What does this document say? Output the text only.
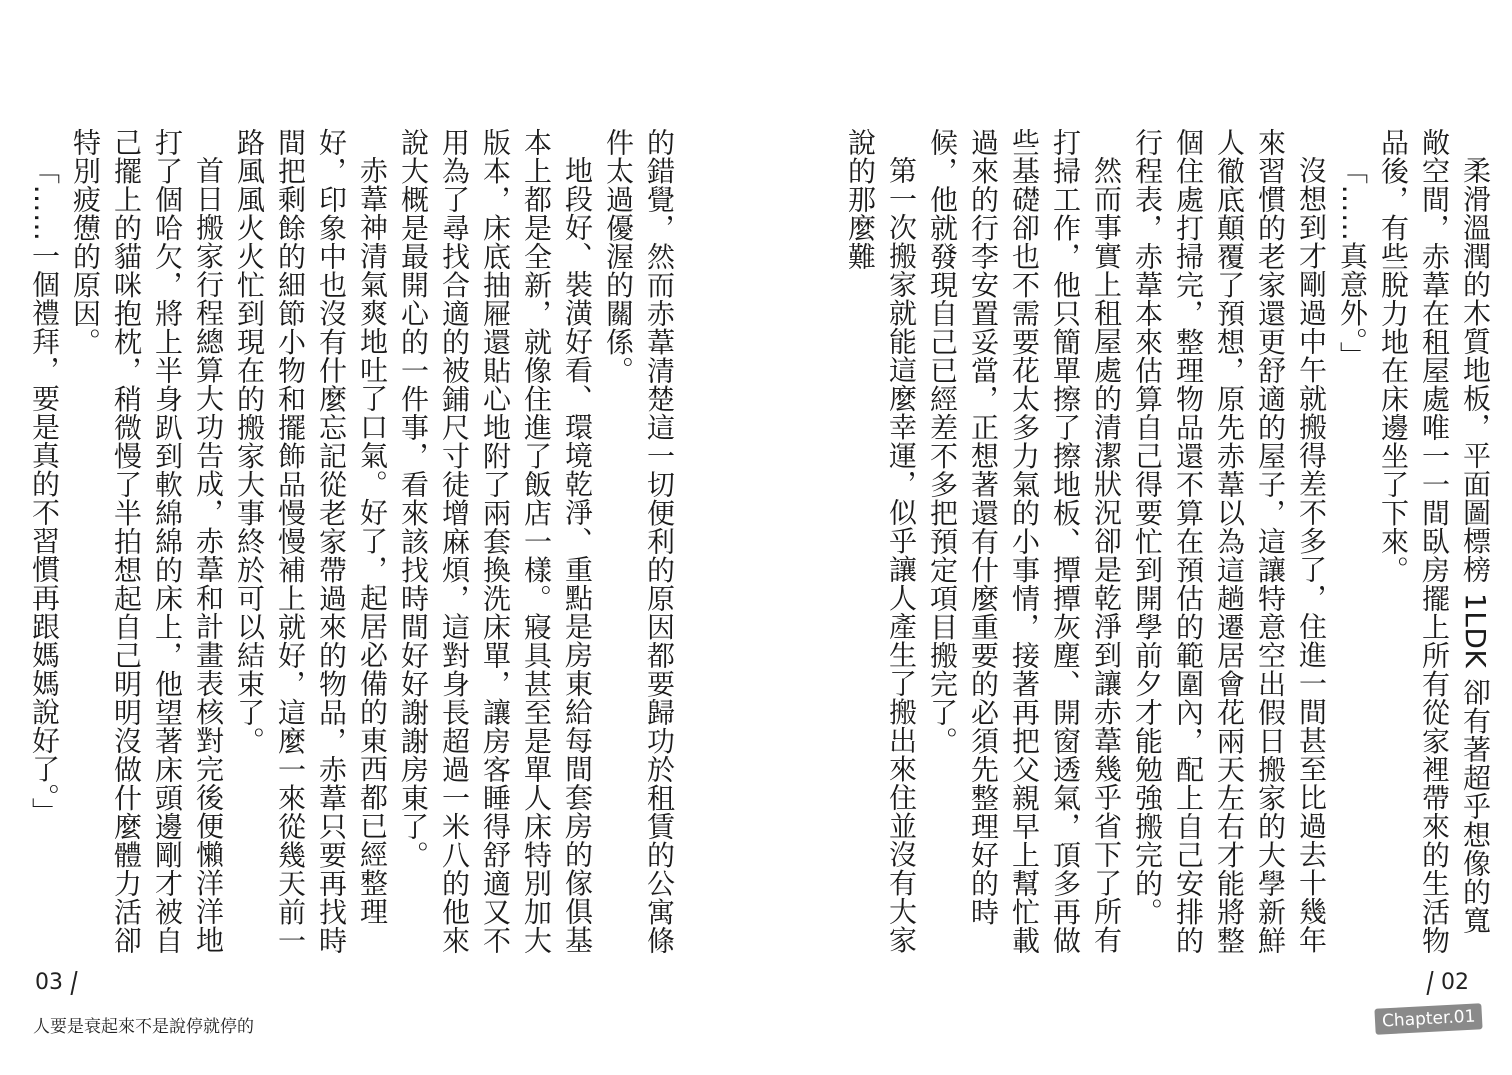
的錯覺，然而赤葦清楚這一切便利的原因都要歸功於租賃的公寓條件太過優渥的關係。

地段好、裝潢好看、環境乾淨、重點是房東給每間套房的傢俱基本上都是全新，就像住進了飯店一樣。寢具甚至是單人床特別加大版本，床底抽屜還貼心地附了兩套換洗床單，讓房客睡得舒適又不用為了尋找合適的被鋪尺寸徒增麻煩，這對身長超過一米八的他來說大概是最開心的一件事，看來該找時間好好謝謝房東了。

赤葦神清氣爽地吐了口氣。好了，起居必備的東西都已經整理好，印象中也沒有什麼忘記從老家帶過來的物品，赤葦只要再找時間把剩餘的細節小物和擺飾品慢慢補上就好，這麼一來從幾天前一路風風火火忙到現在的搬家大事終於可以結束了。

首日搬家行程總算大功告成，赤葦和計畫表核對完後便懶洋洋地打了個哈欠，將上半身趴到軟綿綿的床上，他望著床頭邊剛才被自己擺上的貓咪抱枕，稍微慢了半拍想起自己明明沒做什麼體力活卻特別疲憊的原因。

「……一個禮拜，要是真的不習慣再跟媽媽說好了。」

03
人要是衰起來不是說停就停的

柔滑溫潤的木質地板，平面圖標榜 1LDK 卻有著超乎想像的寬敞空間，赤葦在租屋處唯一一間臥房擺上所有從家裡帶來的生活物品後，有些脫力地在床邊坐了下來。

「……真意外。」

沒想到才剛過中午就搬得差不多了，住進一間甚至比過去十幾年來習慣的老家還更舒適的屋子，這讓特意空出假日搬家的大學新鮮人徹底顛覆了預想，原先赤葦以為這趟遷居會花兩天左右才能將整個住處打掃完，整理物品還不算在預估的範圍內，配上自己安排的行程表，赤葦本來估算自己得要忙到開學前夕才能勉強搬完的。

然而事實上租屋處的清潔狀況卻是乾淨到讓赤葦幾乎省下了所有打掃工作，他只簡單擦了擦地板、撢撢灰塵、開窗透氣，頂多再做些基礎卻也不需要花太多力氣的小事情，接著再把父親早上幫忙載過來的行李安置妥當，正想著還有什麼重要的必須先整理好的時候，他就發現自己已經差不多把預定項目搬完了。

第一次搬家就能這麼幸運，似乎讓人產生了搬出來住並沒有大家說的那麼難

02
Chapter.01
